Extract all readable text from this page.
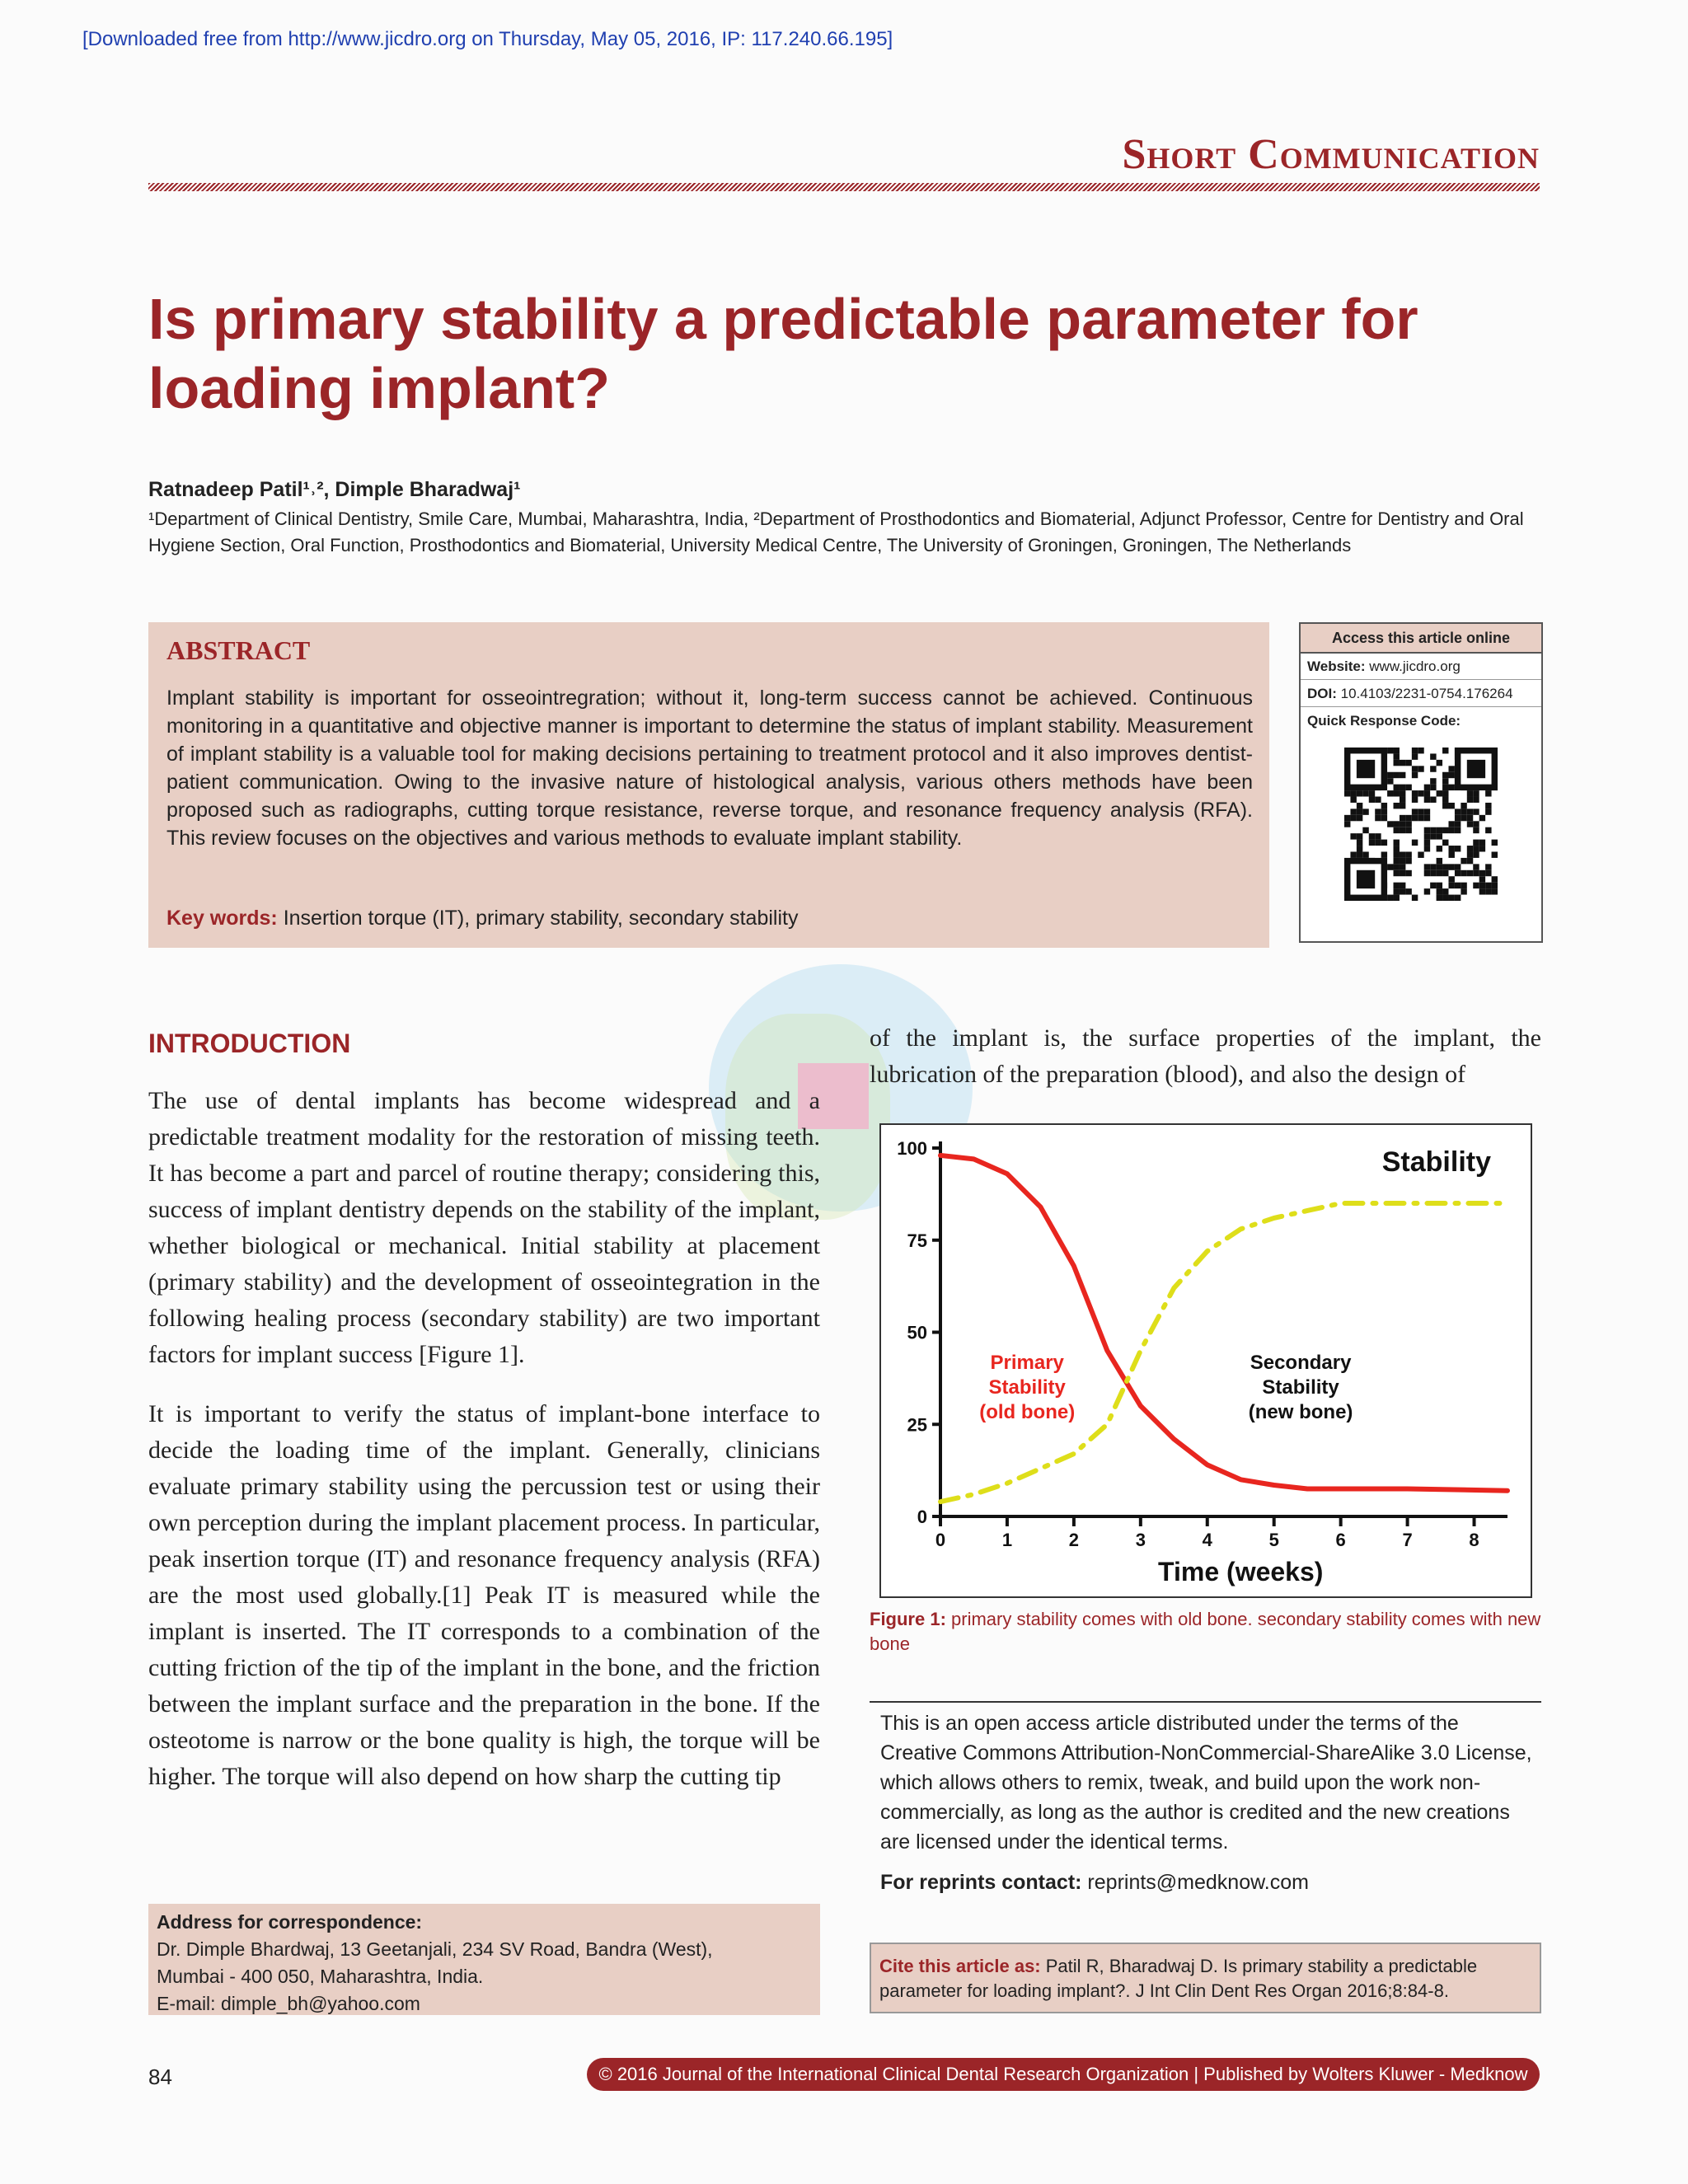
[Downloaded free from http://www.jicdro.org on Thursday, May 05, 2016, IP: 117.240.66.195]
Short Communication
Is primary stability a predictable parameter for loading implant?
Ratnadeep Patil¹˒², Dimple Bharadwaj¹
¹Department of Clinical Dentistry, Smile Care, Mumbai, Maharashtra, India, ²Department of Prosthodontics and Biomaterial, Adjunct Professor, Centre for Dentistry and Oral Hygiene Section, Oral Function, Prosthodontics and Biomaterial, University Medical Centre, The University of Groningen, Groningen, The Netherlands
ABSTRACT
Implant stability is important for osseointregration; without it, long-term success cannot be achieved. Continuous monitoring in a quantitative and objective manner is important to determine the status of implant stability. Measurement of implant stability is a valuable tool for making decisions pertaining to treatment protocol and it also improves dentist-patient communication. Owing to the invasive nature of histological analysis, various others methods have been proposed such as radiographs, cutting torque resistance, reverse torque, and resonance frequency analysis (RFA). This review focuses on the objectives and various methods to evaluate implant stability.
Key words: Insertion torque (IT), primary stability, secondary stability
Access this article online
Website: www.jicdro.org
DOI: 10.4103/2231-0754.176264
Quick Response Code:
INTRODUCTION

The use of dental implants has become widespread and a predictable treatment modality for the restoration of missing teeth. It has become a part and parcel of routine therapy; considering this, success of implant dentistry depends on the stability of the implant, whether biological or mechanical. Initial stability at placement (primary stability) and the development of osseointegration in the following healing process (secondary stability) are two important factors for implant success [Figure 1].

It is important to verify the status of implant-bone interface to decide the loading time of the implant. Generally, clinicians evaluate primary stability using the percussion test or using their own perception during the implant placement process. In particular, peak insertion torque (IT) and resonance frequency analysis (RFA) are the most used globally.[1] Peak IT is measured while the implant is inserted. The IT corresponds to a combination of the cutting friction of the tip of the implant in the bone, and the friction between the implant surface and the preparation in the bone. If the osteotome is narrow or the bone quality is high, the torque will be higher. The torque will also depend on how sharp the cutting tip

of the implant is, the surface properties of the implant, the lubrication of the preparation (blood), and also the design of
0
25
50
75
100
0	1	2	3	4	5	6	7	8
Primary
Stability
(old bone)
Secondary
Stability
(new bone)
Stability
Time (weeks)
Figure 1: primary stability comes with old bone. secondary stability comes with new bone
This is an open access article distributed under the terms of the Creative Commons Attribution-NonCommercial-ShareAlike 3.0 License, which allows others to remix, tweak, and build upon the work non-commercially, as long as the author is credited and the new creations are licensed under the identical terms.
For reprints contact: reprints@medknow.com
Cite this article as: Patil R, Bharadwaj D. Is primary stability a predictable parameter for loading implant?. J Int Clin Dent Res Organ 2016;8:84-8.
Address for correspondence:
Dr. Dimple Bhardwaj, 13 Geetanjali, 234 SV Road, Bandra (West),
Mumbai - 400 050, Maharashtra, India.
E-mail: dimple_bh@yahoo.com
84	© 2016 Journal of the International Clinical Dental Research Organization | Published by Wolters Kluwer - Medknow
